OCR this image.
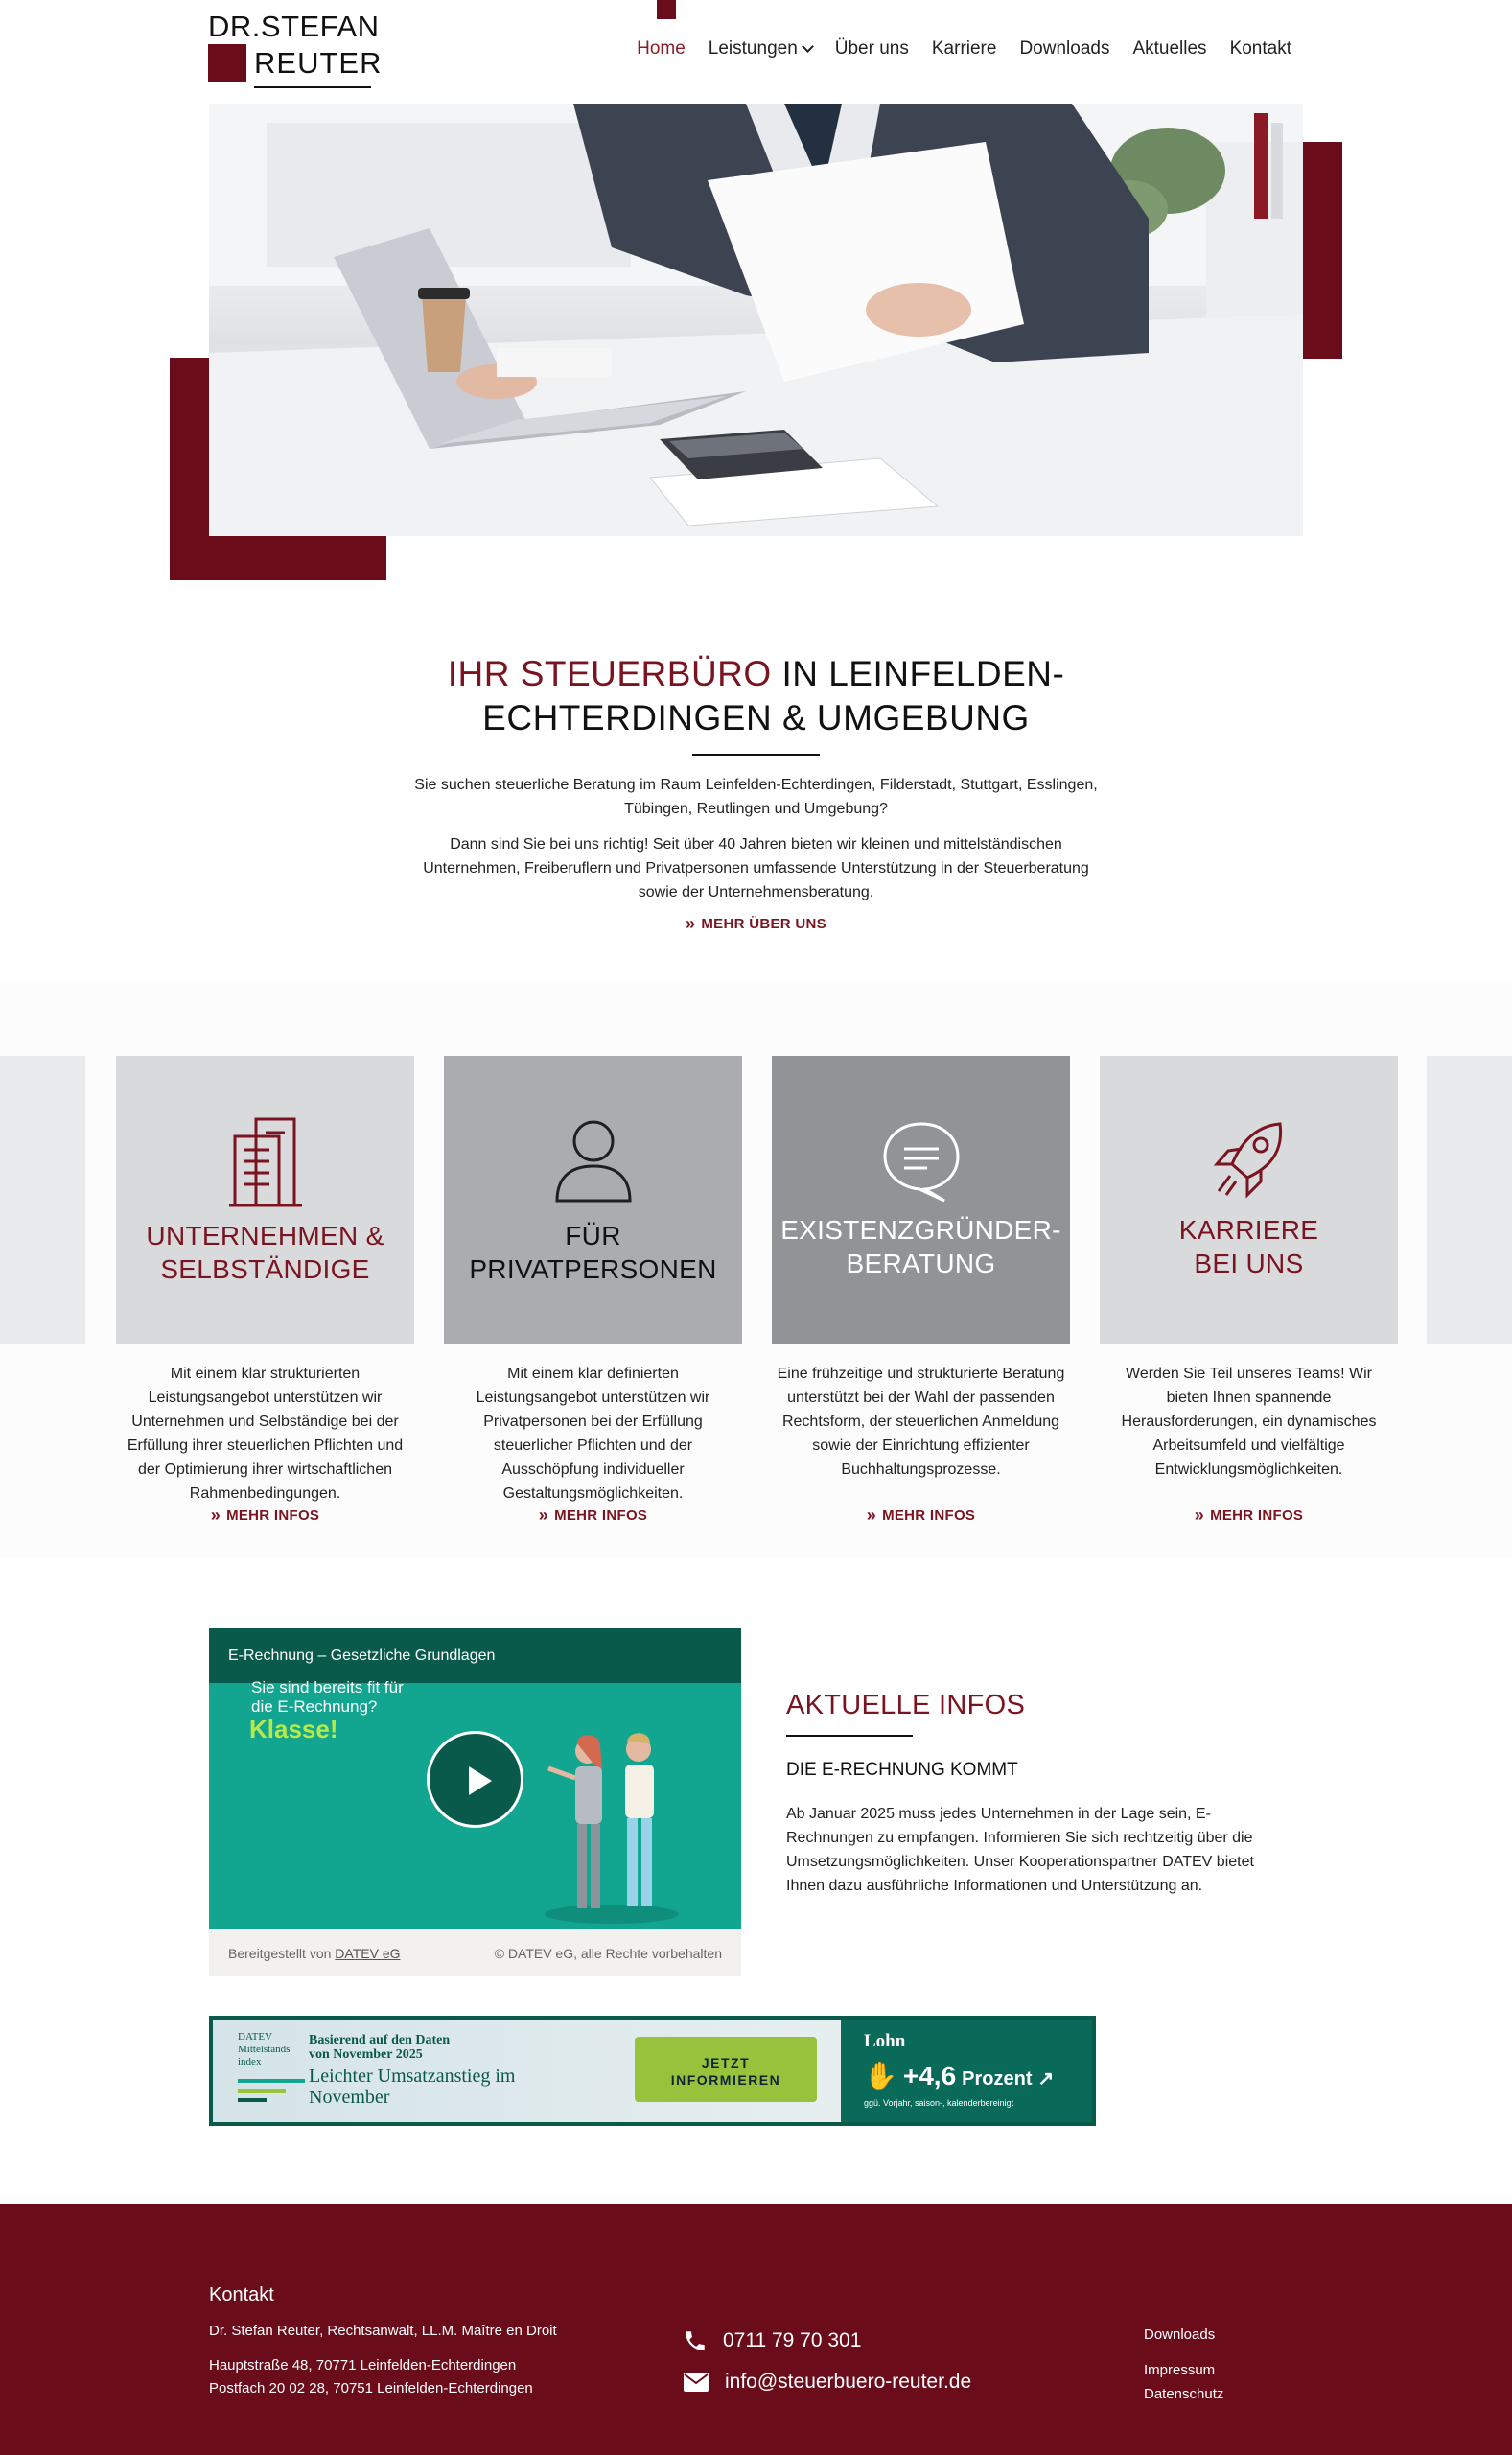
DR.STEFAN
REUTER	Home Leistungen Über uns Karriere Downloads Aktuelles Kontakt
IHR STEUERBÜRO IN LEINFELDEN-
ECHTERDINGEN & UMGEBUNG

Sie suchen steuerliche Beratung im Raum Leinfelden-Echterdingen, Filderstadt, Stuttgart, Esslingen, Tübingen, Reutlingen und Umgebung?

Dann sind Sie bei uns richtig! Seit über 40 Jahren bieten wir kleinen und mittelständischen Unternehmen, Freiberuflern und Privatpersonen umfassende Unterstützung in der Steuerberatung sowie der Unternehmensberatung.

» MEHR ÜBER UNS
UNTERNEHMEN &
SELBSTÄNDIGE
Mit einem klar strukturierten Leistungsangebot unterstützen wir Unternehmen und Selbständige bei der Erfüllung ihrer steuerlichen Pflichten und der Optimierung ihrer wirtschaftlichen Rahmenbedingungen.
» MEHR INFOS
FÜR
PRIVATPERSONEN
Mit einem klar definierten Leistungsangebot unterstützen wir Privatpersonen bei der Erfüllung steuerlicher Pflichten und der Ausschöpfung individueller Gestaltungsmöglichkeiten.
» MEHR INFOS
EXISTENZGRÜNDER-
BERATUNG
Eine frühzeitige und strukturierte Beratung unterstützt bei der Wahl der passenden Rechtsform, der steuerlichen Anmeldung sowie der Einrichtung effizienter Buchhaltungsprozesse.
» MEHR INFOS
KARRIERE
BEI UNS
Werden Sie Teil unseres Teams! Wir bieten Ihnen spannende Herausforderungen, ein dynamisches Arbeitsumfeld und vielfältige Entwicklungsmöglichkeiten.
» MEHR INFOS
E-Rechnung – Gesetzliche Grundlagen
Sie sind bereits fit für
die E-Rechnung?
Klasse!
Bereitgestellt von DATEV eG	© DATEV eG, alle Rechte vorbehalten
AKTUELLE INFOS
DIE E-RECHNUNG KOMMT

Ab Januar 2025 muss jedes Unternehmen in der Lage sein, E-Rechnungen zu empfangen. Informieren Sie sich rechtzeitig über die Umsetzungsmöglichkeiten. Unser Kooperationspartner DATEV bietet Ihnen dazu ausführliche Informationen und Unterstützung an.

DATEV
Mittelstands
index
Basierend auf den Daten
von November 2025
Leichter Umsatzanstieg im
November
JETZT
INFORMIEREN
Lohn
✋ +4,6 Prozent ↗
ggü. Vorjahr, saison-, kalenderbereinigt
Kontakt

Dr. Stefan Reuter, Rechtsanwalt, LL.M. Maître en Droit

Hauptstraße 48, 70771 Leinfelden-Echterdingen

Postfach 20 02 28, 70751 Leinfelden-Echterdingen

0711 79 70 301
info@steuerbuero-reuter.de
Downloads
Impressum
Datenschutz
